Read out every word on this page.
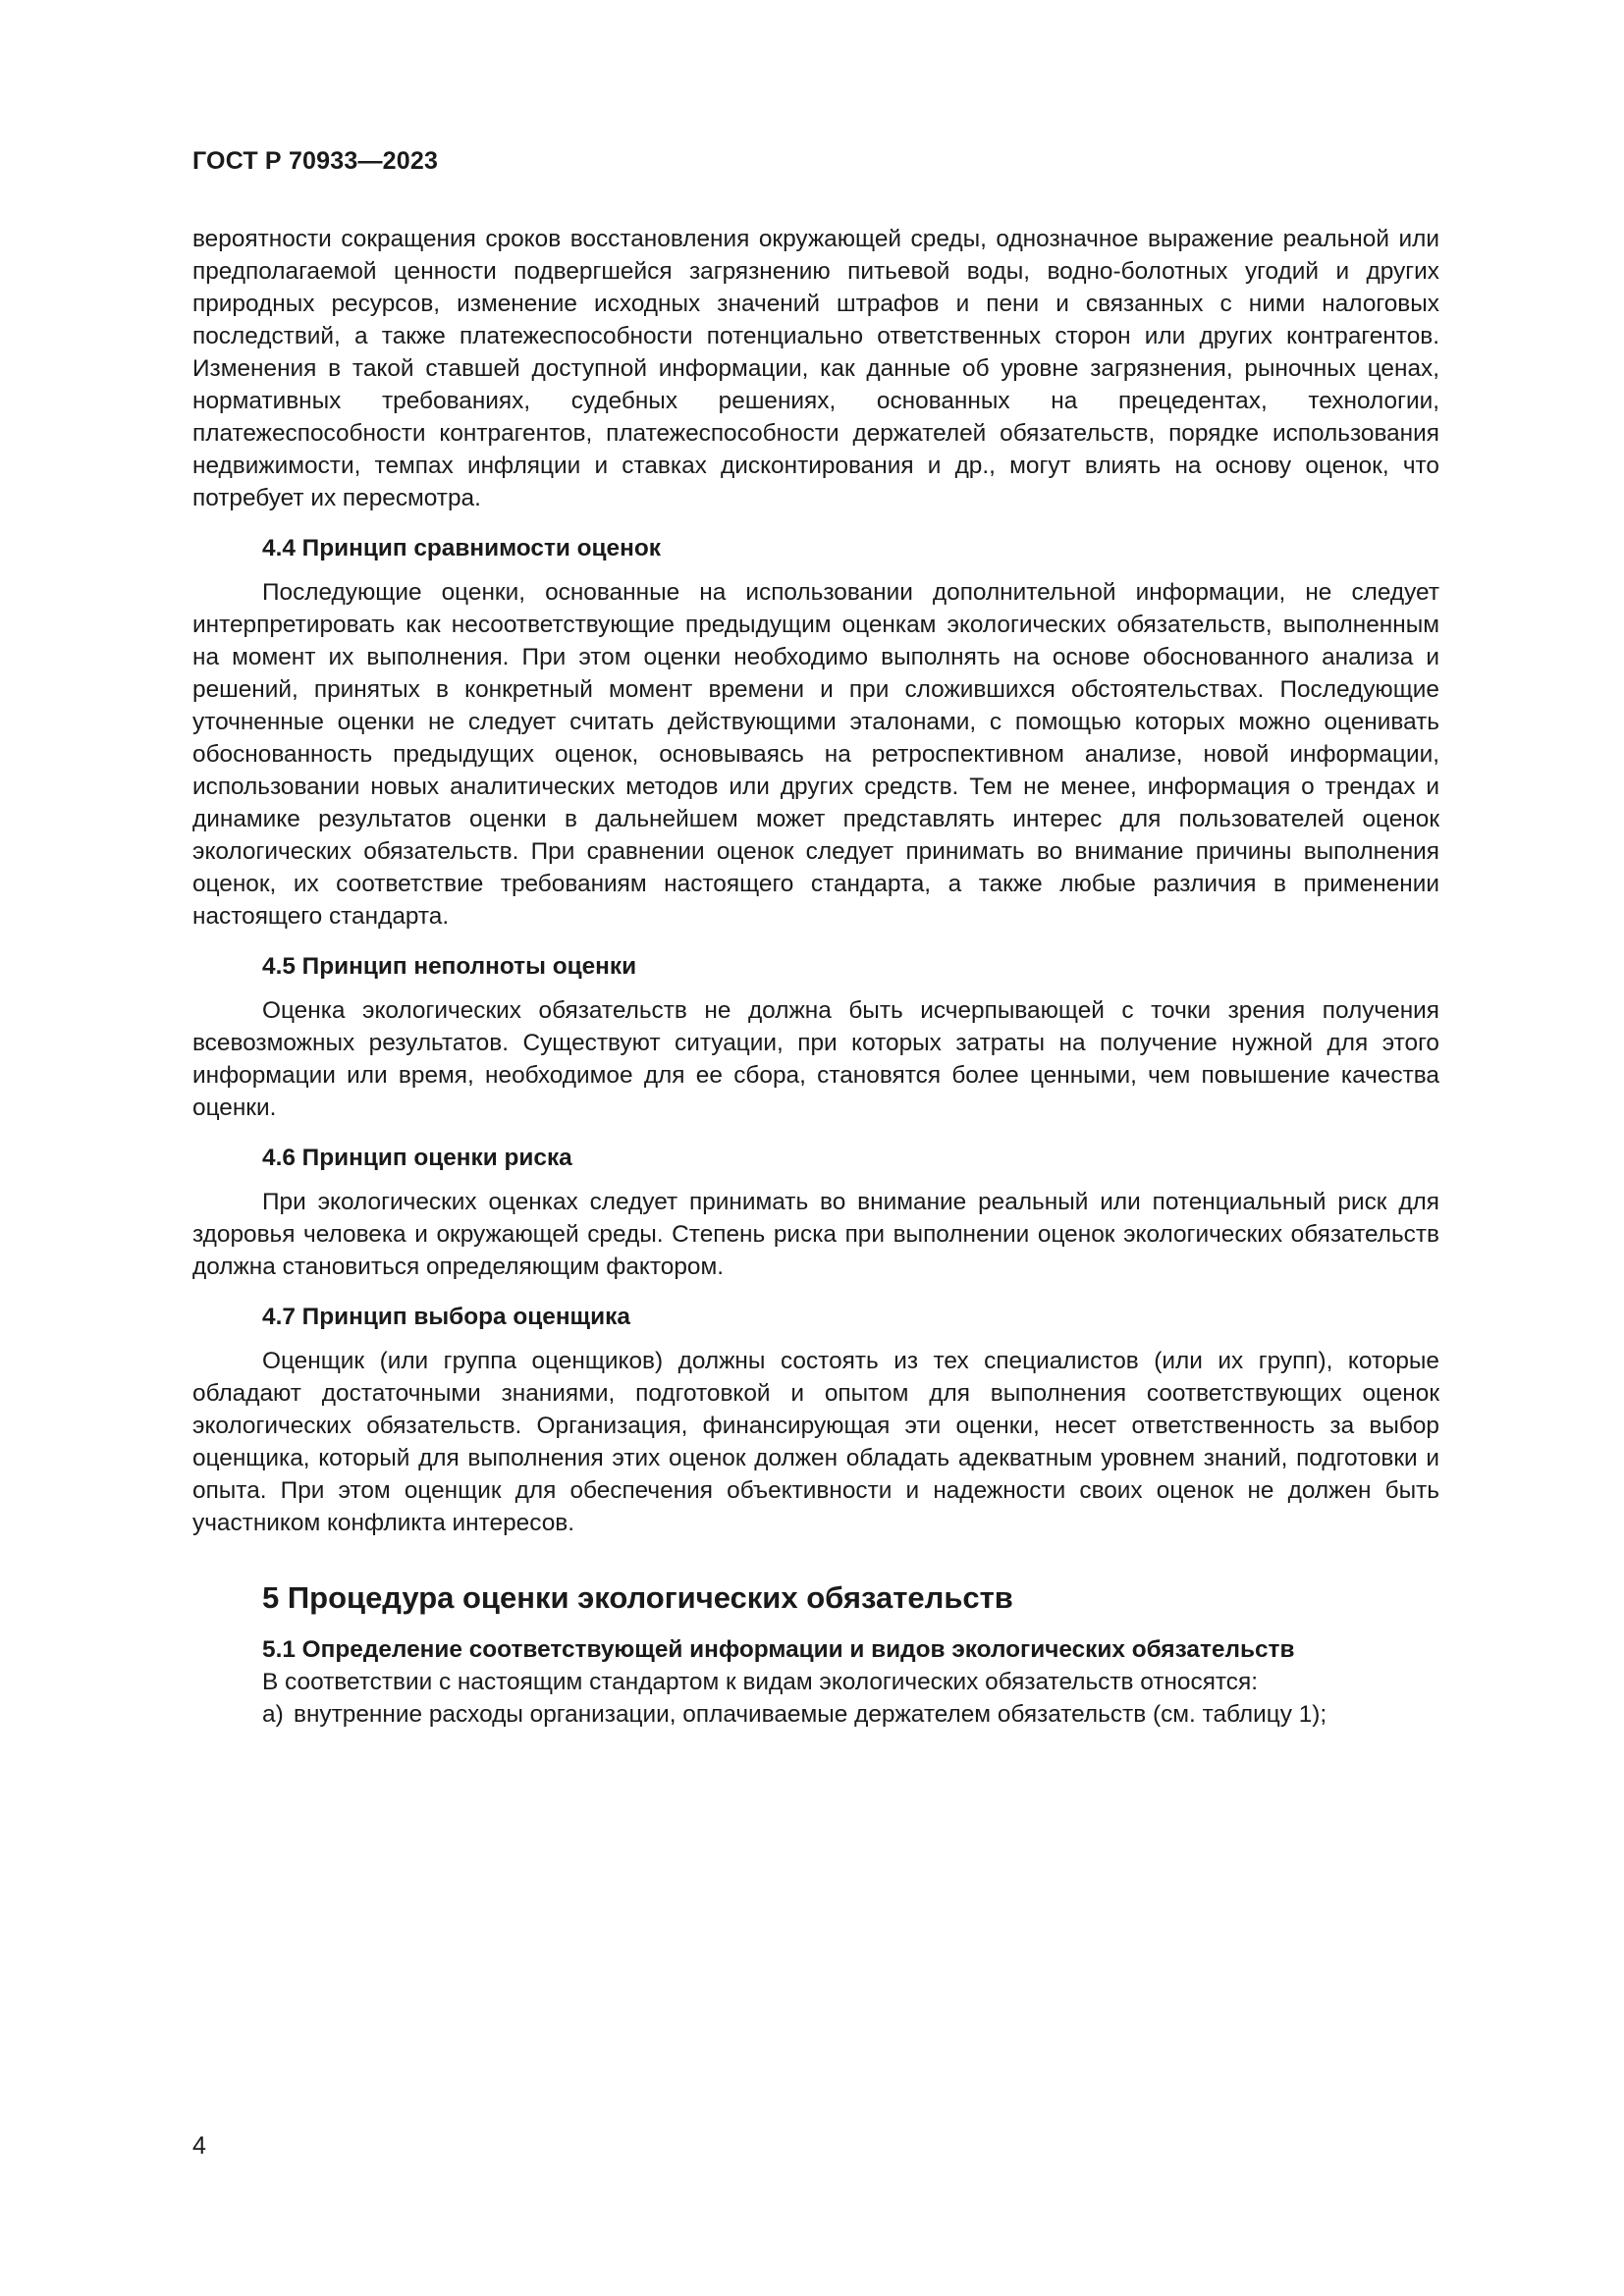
ГОСТ Р 70933—2023

вероятности сокращения сроков восстановления окружающей среды, однозначное выражение реальной или предполагаемой ценности подвергшейся загрязнению питьевой воды, водно-болотных угодий и других природных ресурсов, изменение исходных значений штрафов и пени и связанных с ними налоговых последствий, а также платежеспособности потенциально ответственных сторон или других контрагентов. Изменения в такой ставшей доступной информации, как данные об уровне загрязнения, рыночных ценах, нормативных требованиях, судебных решениях, основанных на прецедентах, технологии, платежеспособности контрагентов, платежеспособности держателей обязательств, порядке использования недвижимости, темпах инфляции и ставках дисконтирования и др., могут влиять на основу оценок, что потребует их пересмотра.

4.4 Принцип сравнимости оценок

Последующие оценки, основанные на использовании дополнительной информации, не следует интерпретировать как несоответствующие предыдущим оценкам экологических обязательств, выполненным на момент их выполнения. При этом оценки необходимо выполнять на основе обоснованного анализа и решений, принятых в конкретный момент времени и при сложившихся обстоятельствах. Последующие уточненные оценки не следует считать действующими эталонами, с помощью которых можно оценивать обоснованность предыдущих оценок, основываясь на ретроспективном анализе, новой информации, использовании новых аналитических методов или других средств. Тем не менее, информация о трендах и динамике результатов оценки в дальнейшем может представлять интерес для пользователей оценок экологических обязательств. При сравнении оценок следует принимать во внимание причины выполнения оценок, их соответствие требованиям настоящего стандарта, а также любые различия в применении настоящего стандарта.

4.5 Принцип неполноты оценки

Оценка экологических обязательств не должна быть исчерпывающей с точки зрения получения всевозможных результатов. Существуют ситуации, при которых затраты на получение нужной для этого информации или время, необходимое для ее сбора, становятся более ценными, чем повышение качества оценки.

4.6 Принцип оценки риска

При экологических оценках следует принимать во внимание реальный или потенциальный риск для здоровья человека и окружающей среды. Степень риска при выполнении оценок экологических обязательств должна становиться определяющим фактором.

4.7 Принцип выбора оценщика

Оценщик (или группа оценщиков) должны состоять из тех специалистов (или их групп), которые обладают достаточными знаниями, подготовкой и опытом для выполнения соответствующих оценок экологических обязательств. Организация, финансирующая эти оценки, несет ответственность за выбор оценщика, который для выполнения этих оценок должен обладать адекватным уровнем знаний, подготовки и опыта. При этом оценщик для обеспечения объективности и надежности своих оценок не должен быть участником конфликта интересов.

5 Процедура оценки экологических обязательств

5.1 Определение соответствующей информации и видов экологических обязательств

В соответствии с настоящим стандартом к видам экологических обязательств относятся:

а) внутренние расходы организации, оплачиваемые держателем обязательств (см. таблицу 1);

4
